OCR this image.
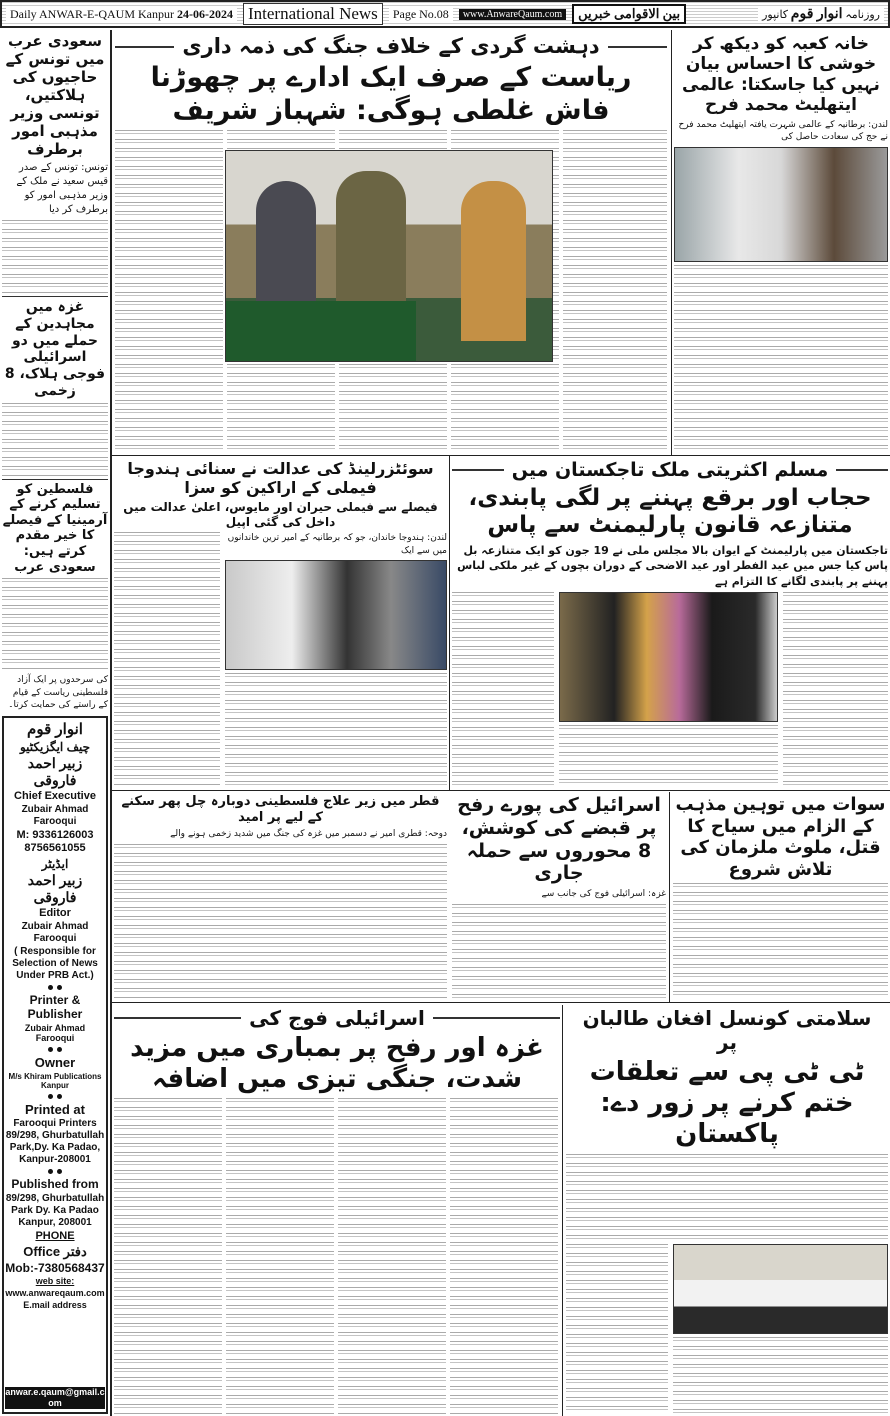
Daily ANWAR-E-QAUM Kanpur 24-06-2024 International News	Page No.08	www.AnwareQaum.com	بین الاقوامی خبریں	روزنامہ انوار قوم کانپور
سعودی عرب میں تونس کے حاجیوں کی ہلاکتیں، تونسی وزیر مذہبی امور برطرف
تونس: تونس کے صدر قیس سعید نے ملک کے وزیر مذہبی امور کو برطرف کر دیا
غزہ میں مجاہدین کے حملے میں دو اسرائیلی فوجی ہلاک، 8 زخمی
فلسطین کو تسلیم کرنے کے آرمینیا کے فیصلے کا خیر مقدم کرتے ہیں: سعودی عرب
کی سرحدوں پر ایک آزاد فلسطینی ریاست کے قیام کے راستے کی حمایت کرتا۔
انوار قوم
چیف ایگزیکٹیو
زبیر احمد فاروقی
Chief Executive
Zubair Ahmad Farooqui
M: 9336126003
8756561055
ایڈیٹر
زبیر احمد فاروقی
Editor
Zubair Ahmad Farooqui
( Responsible for Selection of News Under PRB Act.)
Printer & Publisher
Zubair Ahmad Farooqui
Owner
M/s Khiram Publications Kanpur
Printed at
Farooqui Printers 89/298, Ghurbatullah Park,Dy. Ka Padao, Kanpur-208001
Published from
89/298, Ghurbatullah Park Dy. Ka Padao Kanpur, 208001
PHONE
Office دفتر
Mob:-7380568437
web site:
www.anwareqaum.com
E.mail address
anwar.e.qaum@gmail.com
دہشت گردی کے خلاف جنگ کی ذمہ داری
ریاست کے صرف ایک ادارے پر چھوڑنا فاش غلطی ہوگی: شہباز شریف
خانہ کعبہ کو دیکھ کر خوشی کا احساس بیان نہیں کیا جاسکتا: عالمی ایتھلیٹ محمد فرح
لندن: برطانیہ کے عالمی شہرت یافتہ ایتھلیٹ محمد فرح نے حج کی سعادت حاصل کی
سوئٹزرلینڈ کی عدالت نے سنائی ہندوجا فیملی کے اراکین کو سزا
فیصلے سے فیملی حیران اور مایوس، اعلیٰ عدالت میں داخل کی گئی اپیل
لندن: ہندوجا خاندان، جو کہ برطانیہ کے امیر ترین خاندانوں میں سے ایک
مسلم اکثریتی ملک تاجکستان میں
حجاب اور برقع پہننے پر لگی پابندی، متنازعہ قانون پارلیمنٹ سے پاس
تاجکستان میں پارلیمنٹ کے ایوان بالا مجلس ملی نے 19 جون کو ایک متنازعہ بل پاس کیا جس میں عید الفطر اور عید الاضحی کے دوران بچوں کے غیر ملکی لباس پہننے پر پابندی لگانے کا التزام ہے
سوات میں توہین مذہب کے الزام میں سیاح کا قتل، ملوث ملزمان کی تلاش شروع
اسرائیل کی پورے رفح پر قبضے کی کوشش، 8 محوروں سے حملہ جاری
غزہ: اسرائیلی فوج کی جانب سے
قطر میں زیر علاج فلسطینی دوبارہ چل پھر سکنے کے لیے پر امید
دوحہ: قطری امیر نے دسمبر میں غزہ کی جنگ میں شدید زخمی ہونے والے
سلامتی کونسل افغان طالبان پر
ٹی ٹی پی سے تعلقات ختم کرنے پر زور دے: پاکستان
اسرائیلی فوج کی
غزہ اور رفح پر بمباری میں مزید شدت، جنگی تیزی میں اضافہ
